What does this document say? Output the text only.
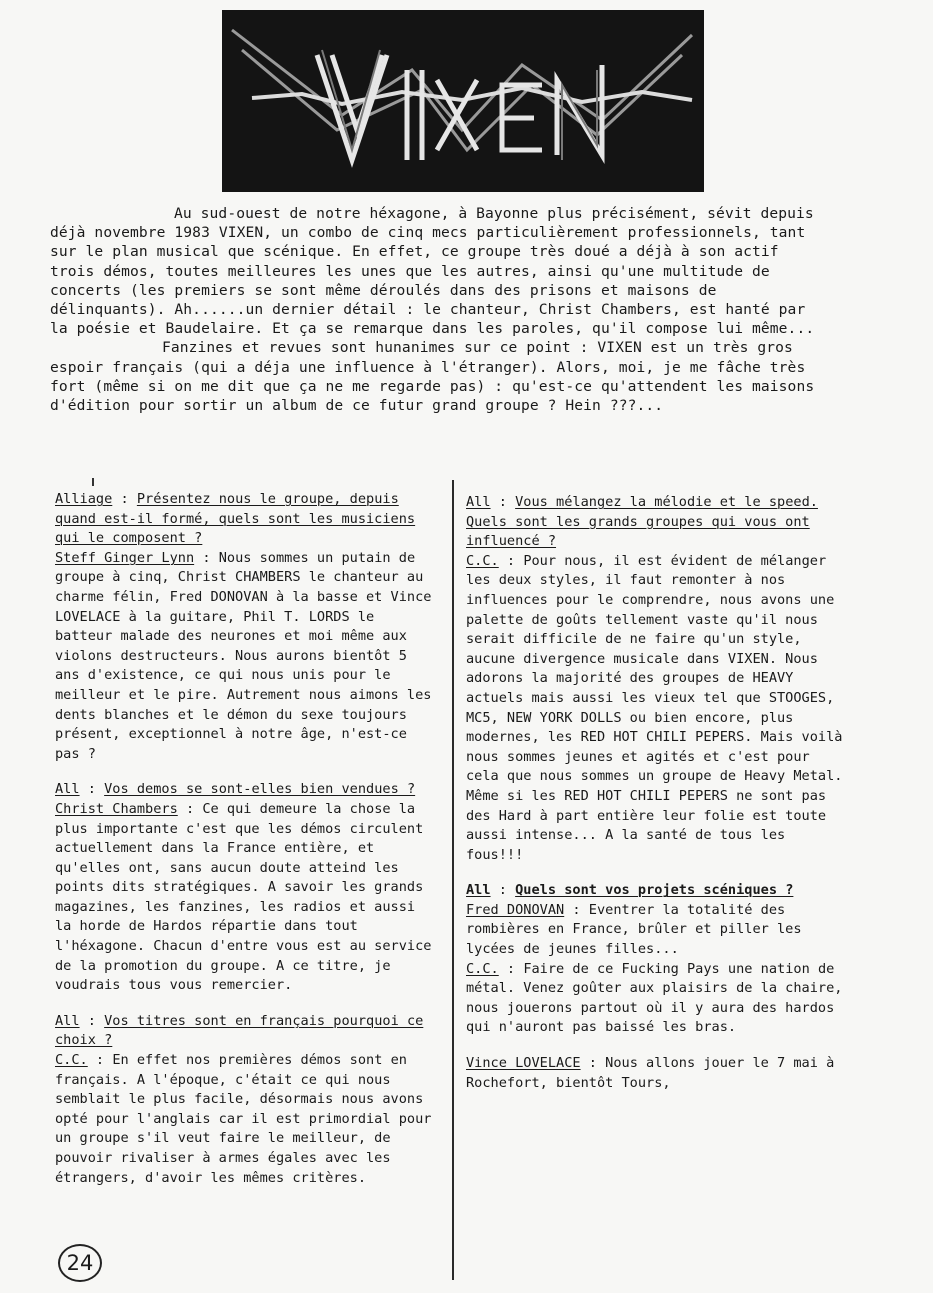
Au sud-ouest de notre héxagone, à Bayonne plus précisément, sévit depuis déjà novembre 1983 VIXEN, un combo de cinq mecs particulièrement professionnels, tant sur le plan musical que scénique. En effet, ce groupe très doué a déjà à son actif trois démos, toutes meilleures les unes que les autres, ainsi qu'une multitude de concerts (les premiers se sont même déroulés dans des prisons et maisons de délinquants). Ah......un dernier détail : le chanteur, Christ Chambers, est hanté par la poésie et Baudelaire. Et ça se remarque dans les paroles, qu'il compose lui même...

Fanzines et revues sont hunanimes sur ce point : VIXEN est un très gros espoir français (qui a déja une influence à l'étranger). Alors, moi, je me fâche très fort (même si on me dit que ça ne me regarde pas) : qu'est-ce qu'attendent les maisons d'édition pour sortir un album de ce futur grand groupe ? Hein ???...

Alliage : Présentez nous le groupe, depuis quand est-il formé, quels sont les musiciens qui le composent ?
Steff Ginger Lynn : Nous sommes un putain de groupe à cinq, Christ CHAMBERS le chanteur au charme félin, Fred DONOVAN à la basse et Vince LOVELACE à la guitare, Phil T. LORDS le batteur malade des neurones et moi même aux violons destructeurs. Nous aurons bientôt 5 ans d'existence, ce qui nous unis pour le meilleur et le pire. Autrement nous aimons les dents blanches et le démon du sexe toujours présent, exceptionnel à notre âge, n'est-ce pas ?
All : Vos demos se sont-elles bien vendues ?
Christ Chambers : Ce qui demeure la chose la plus importante c'est que les démos circulent actuellement dans la France entière, et qu'elles ont, sans aucun doute atteind les points dits stratégiques. A savoir les grands magazines, les fanzines, les radios et aussi la horde de Hardos répartie dans tout l'héxagone. Chacun d'entre vous est au service de la promotion du groupe. A ce titre, je voudrais tous vous remercier.
All : Vos titres sont en français pourquoi ce choix ?
C.C. : En effet nos premières démos sont en français. A l'époque, c'était ce qui nous semblait le plus facile, désormais nous avons opté pour l'anglais car il est primordial pour un groupe s'il veut faire le meilleur, de pouvoir rivaliser à armes égales avec les étrangers, d'avoir les mêmes critères.
All : Vous mélangez la mélodie et le speed. Quels sont les grands groupes qui vous ont influencé ?
C.C. : Pour nous, il est évident de mélanger les deux styles, il faut remonter à nos influences pour le comprendre, nous avons une palette de goûts tellement vaste qu'il nous serait difficile de ne faire qu'un style, aucune divergence musicale dans VIXEN. Nous adorons la majorité des groupes de HEAVY actuels mais aussi les vieux tel que STOOGES, MC5, NEW YORK DOLLS ou bien encore, plus modernes, les RED HOT CHILI PEPERS. Mais voilà nous sommes jeunes et agités et c'est pour cela que nous sommes un groupe de Heavy Metal. Même si les RED HOT CHILI PEPERS ne sont pas des Hard à part entière leur folie est toute aussi intense... A la santé de tous les fous!!!
All : Quels sont vos projets scéniques ?
Fred DONOVAN : Eventrer la totalité des rombières en France, brûler et piller les lycées de jeunes filles...
C.C. : Faire de ce Fucking Pays une nation de métal. Venez goûter aux plaisirs de la chaire, nous jouerons partout où il y aura des hardos qui n'auront pas baissé les bras.
Vince LOVELACE : Nous allons jouer le 7 mai à Rochefort, bientôt Tours,
24
